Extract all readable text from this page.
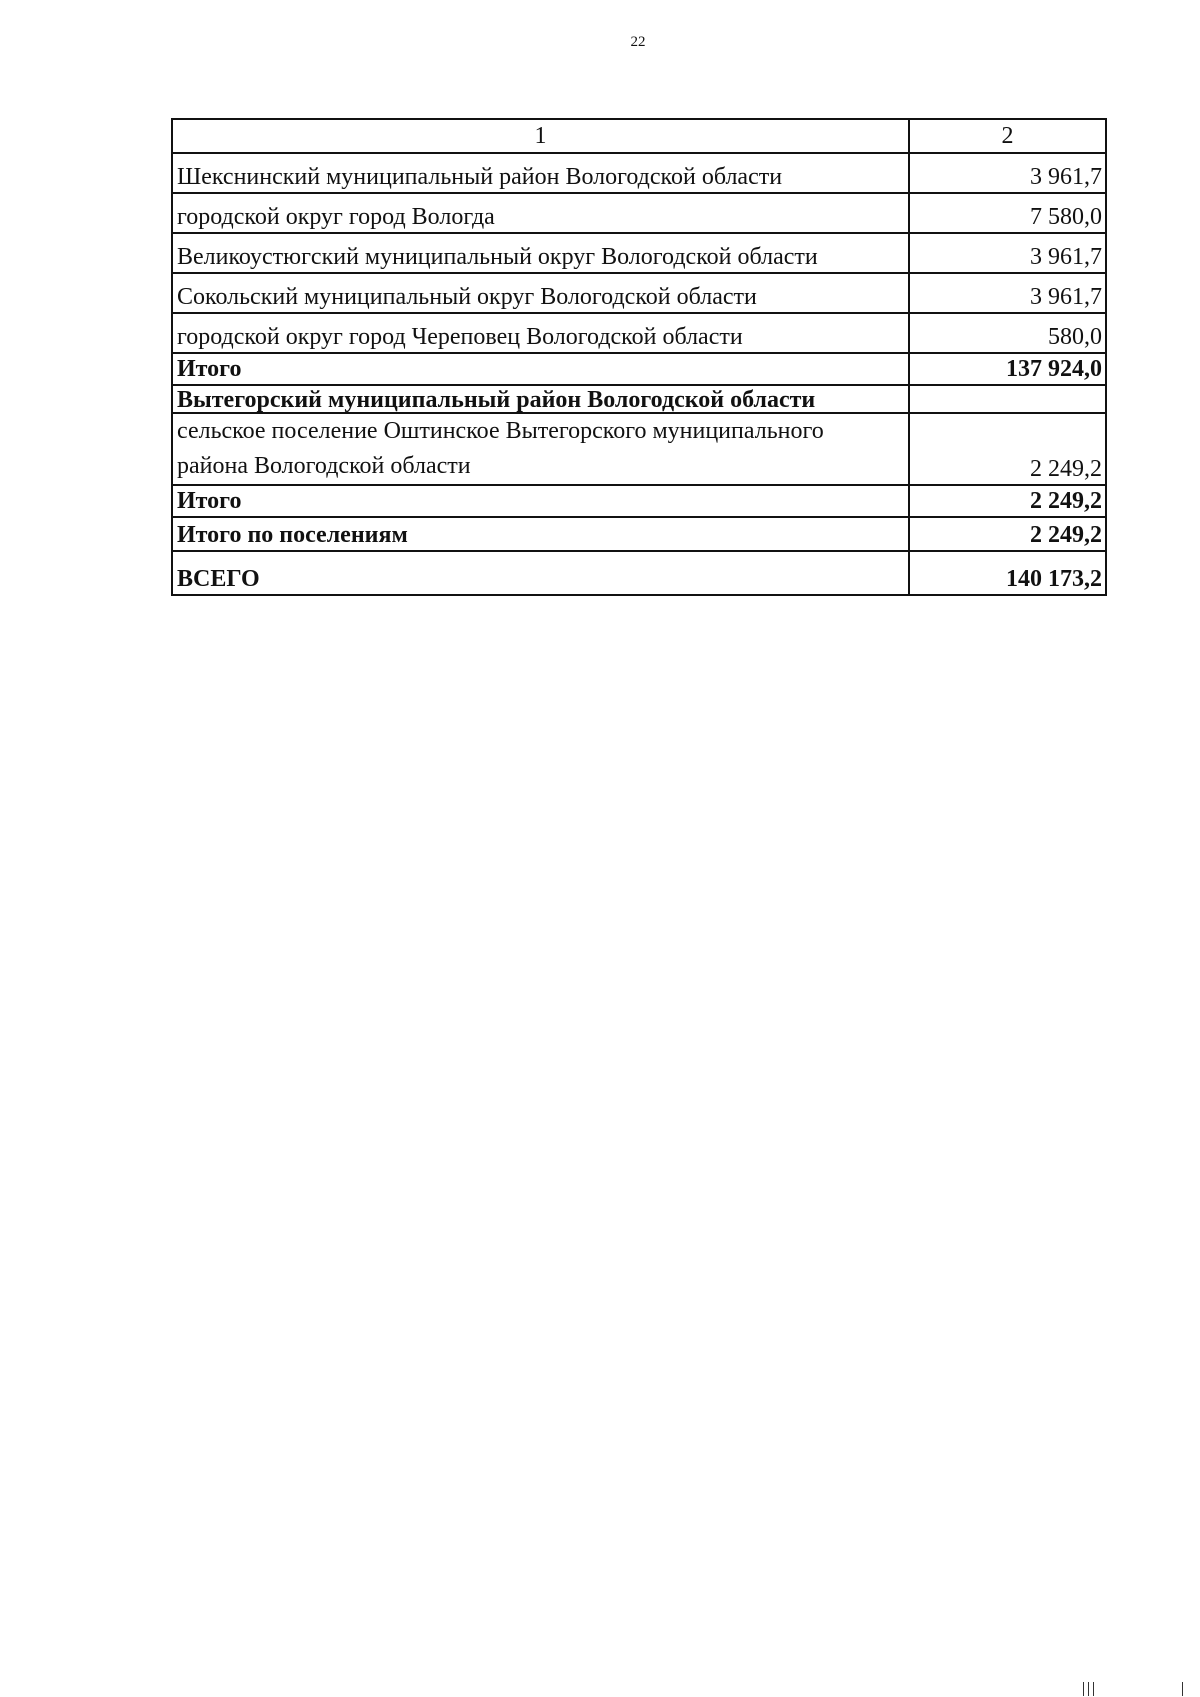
22
1	2
Шекснинский муниципальный район Вологодской области	3 961,7
городской округ город Вологда	7 580,0
Великоустюгский муниципальный округ Вологодской области	3 961,7
Сокольский муниципальный округ Вологодской области	3 961,7
городской округ город Череповец Вологодской области	580,0
Итого	137 924,0
Вытегорский муниципальный район Вологодской области	
сельское поселение Оштинское Вытегорского муниципального
района Вологодской области	2 249,2
Итого	2 249,2
Итого по поселениям	2 249,2
ВСЕГО	140 173,2
